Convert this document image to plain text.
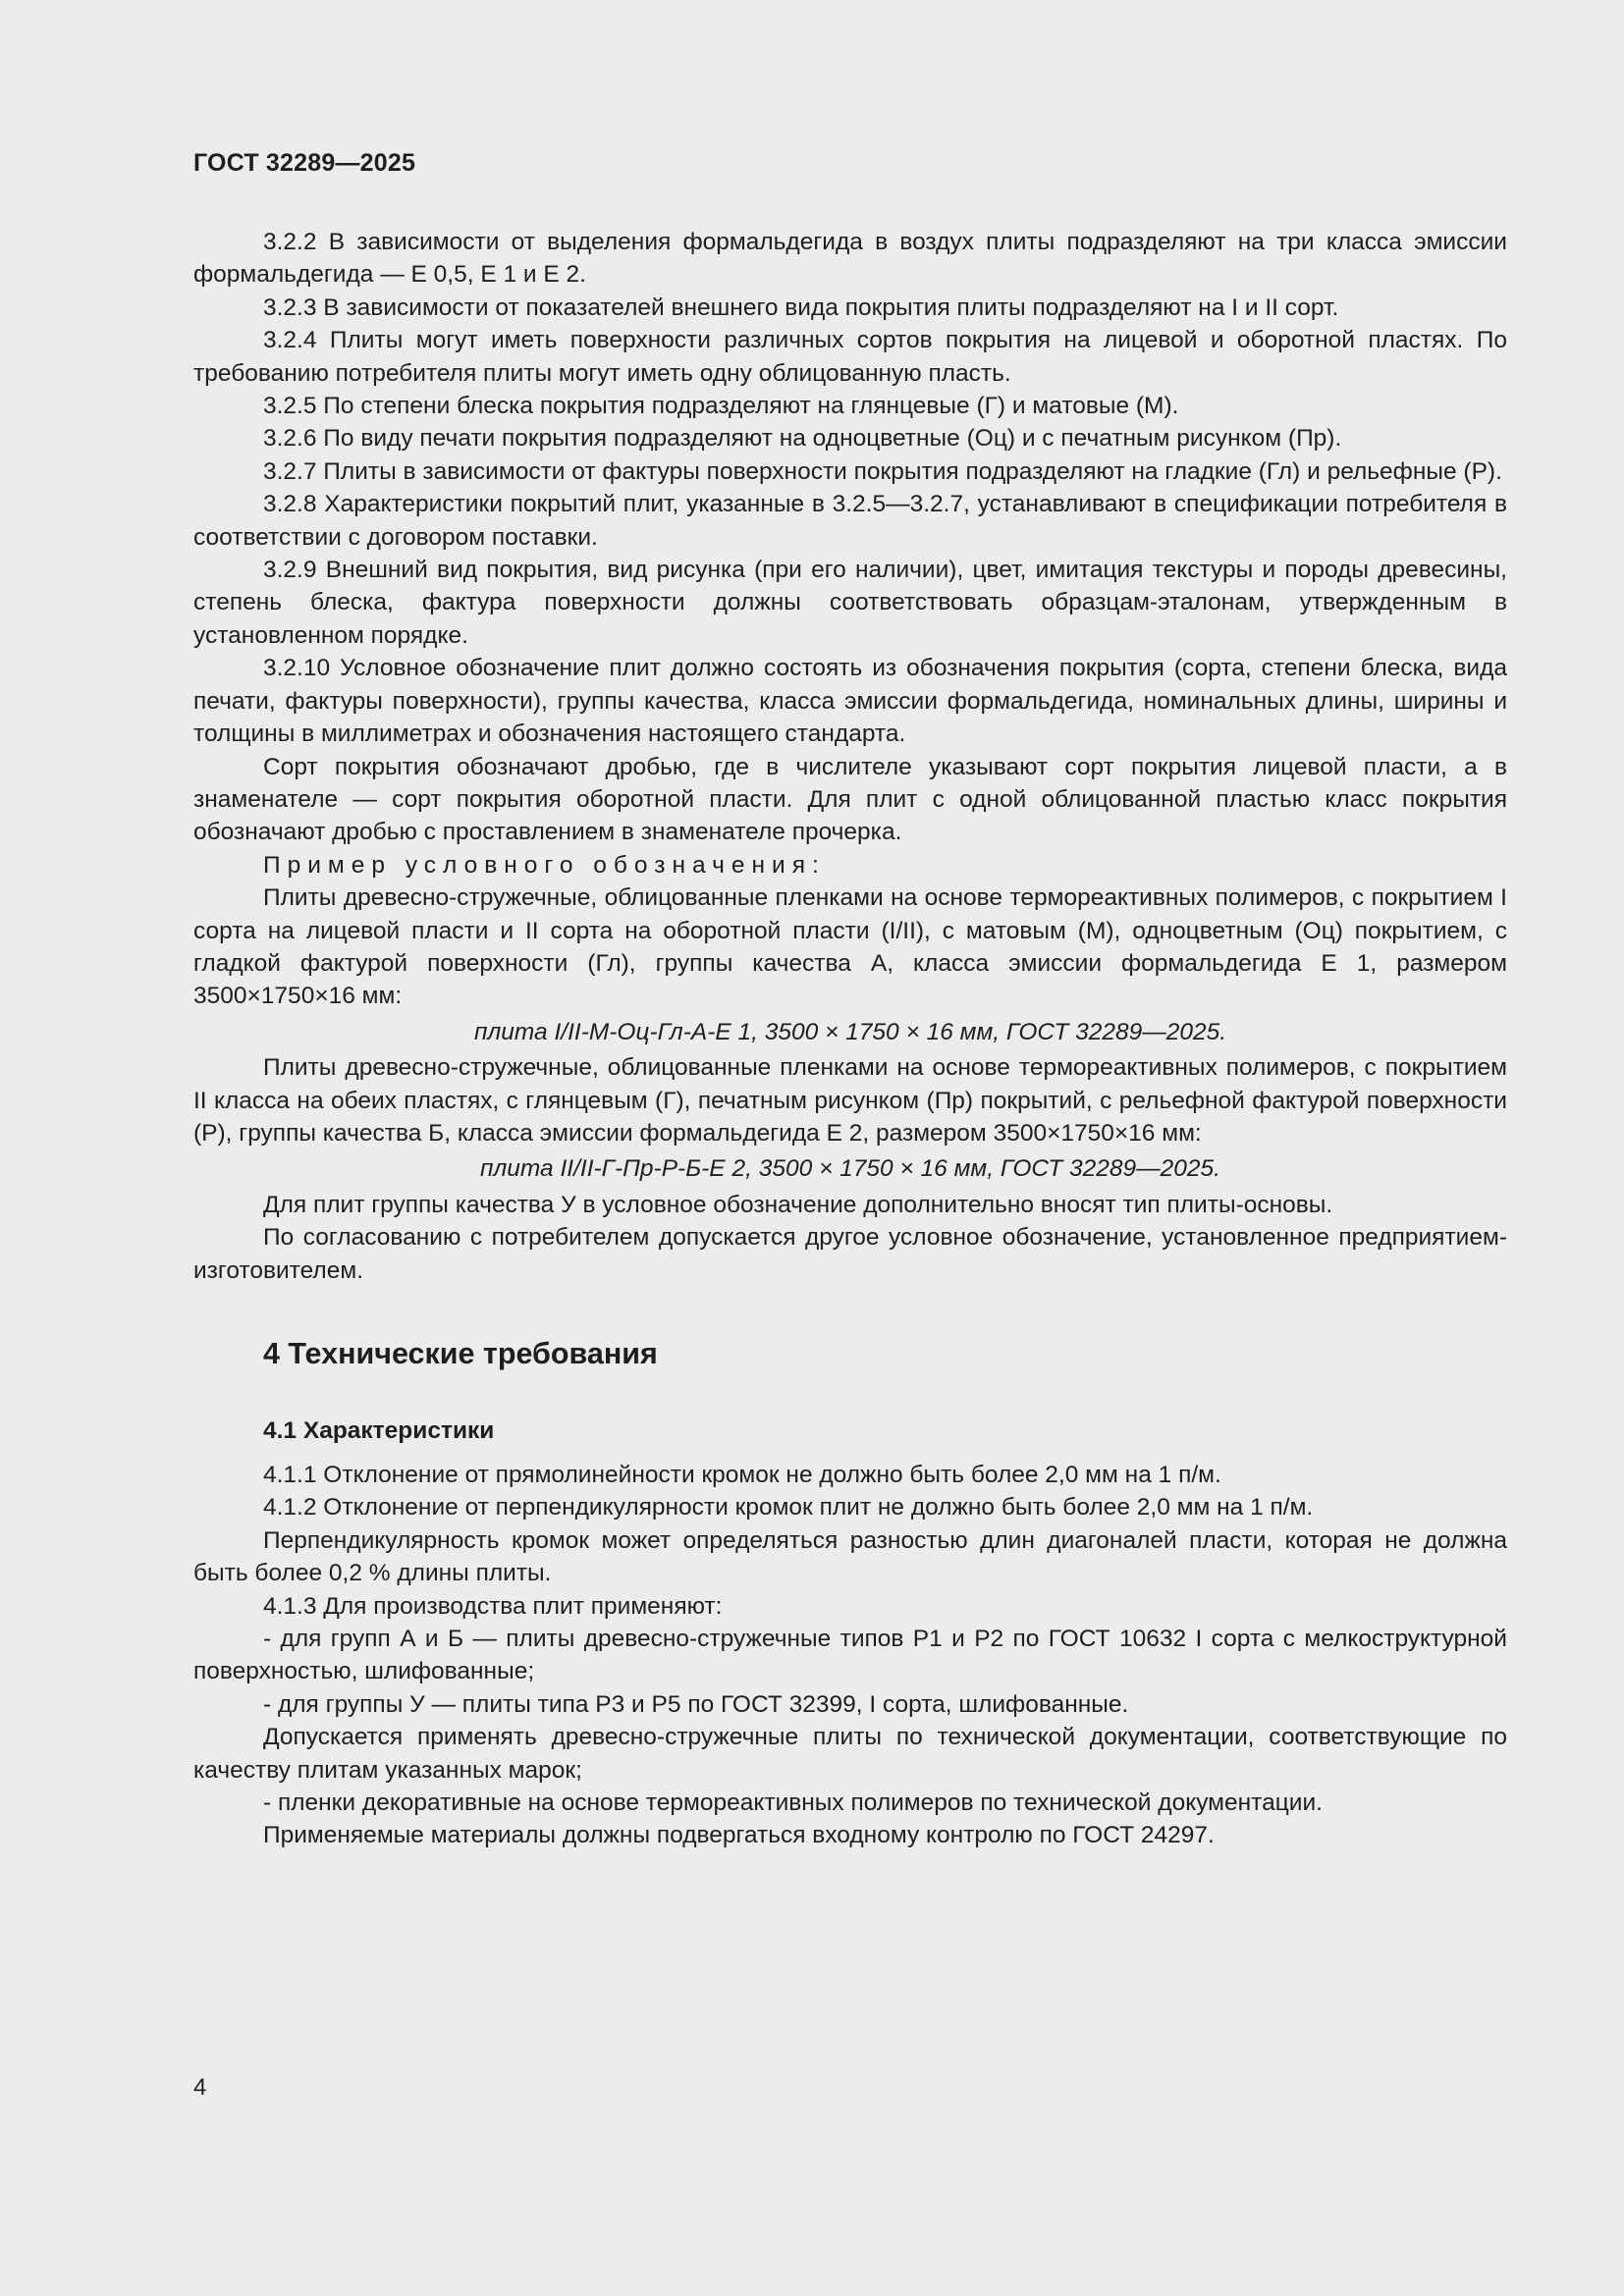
ГОСТ 32289—2025

3.2.2 В зависимости от выделения формальдегида в воздух плиты подразделяют на три класса эмиссии формальдегида — Е 0,5, Е 1 и Е 2.

3.2.3 В зависимости от показателей внешнего вида покрытия плиты подразделяют на I и II сорт.

3.2.4 Плиты могут иметь поверхности различных сортов покрытия на лицевой и оборотной пластях. По требованию потребителя плиты могут иметь одну облицованную пласть.

3.2.5 По степени блеска покрытия подразделяют на глянцевые (Г) и матовые (М).

3.2.6 По виду печати покрытия подразделяют на одноцветные (Оц) и с печатным рисунком (Пр).

3.2.7 Плиты в зависимости от фактуры поверхности покрытия подразделяют на гладкие (Гл) и рельефные (Р).

3.2.8 Характеристики покрытий плит, указанные в 3.2.5—3.2.7, устанавливают в спецификации потребителя в соответствии с договором поставки.

3.2.9 Внешний вид покрытия, вид рисунка (при его наличии), цвет, имитация текстуры и породы древесины, степень блеска, фактура поверхности должны соответствовать образцам-эталонам, утвержденным в установленном порядке.

3.2.10 Условное обозначение плит должно состоять из обозначения покрытия (сорта, степени блеска, вида печати, фактуры поверхности), группы качества, класса эмиссии формальдегида, номинальных длины, ширины и толщины в миллиметрах и обозначения настоящего стандарта.

Сорт покрытия обозначают дробью, где в числителе указывают сорт покрытия лицевой пласти, а в знаменателе — сорт покрытия оборотной пласти. Для плит с одной облицованной пластью класс покрытия обозначают дробью с проставлением в знаменателе прочерка.

Пример условного обозначения:

Плиты древесно-стружечные, облицованные пленками на основе термореактивных полимеров, с покрытием I сорта на лицевой пласти и II сорта на оборотной пласти (I/II), с матовым (М), одноцветным (Оц) покрытием, с гладкой фактурой поверхности (Гл), группы качества А, класса эмиссии формальдегида Е 1, размером 3500×1750×16 мм:

плита I/II-М-Оц-Гл-А-Е 1, 3500 × 1750 × 16 мм, ГОСТ 32289—2025.

Плиты древесно-стружечные, облицованные пленками на основе термореактивных полимеров, с покрытием II класса на обеих пластях, с глянцевым (Г), печатным рисунком (Пр) покрытий, с рельефной фактурой поверхности (Р), группы качества Б, класса эмиссии формальдегида Е 2, размером 3500×1750×16 мм:

плита II/II-Г-Пр-Р-Б-Е 2, 3500 × 1750 × 16 мм, ГОСТ 32289—2025.

Для плит группы качества У в условное обозначение дополнительно вносят тип плиты-основы.

По согласованию с потребителем допускается другое условное обозначение, установленное предприятием-изготовителем.

4 Технические требования
4.1 Характеристики

4.1.1 Отклонение от прямолинейности кромок не должно быть более 2,0 мм на 1 п/м.

4.1.2 Отклонение от перпендикулярности кромок плит не должно быть более 2,0 мм на 1 п/м.

Перпендикулярность кромок может определяться разностью длин диагоналей пласти, которая не должна быть более 0,2 % длины плиты.

4.1.3 Для производства плит применяют:

- для групп А и Б — плиты древесно-стружечные типов Р1 и Р2 по ГОСТ 10632 I сорта с мелкоструктурной поверхностью, шлифованные;

- для группы У — плиты типа Р3 и Р5 по ГОСТ 32399, I сорта, шлифованные.

Допускается применять древесно-стружечные плиты по технической документации, соответствующие по качеству плитам указанных марок;

- пленки декоративные на основе термореактивных полимеров по технической документации.

Применяемые материалы должны подвергаться входному контролю по ГОСТ 24297.

4
